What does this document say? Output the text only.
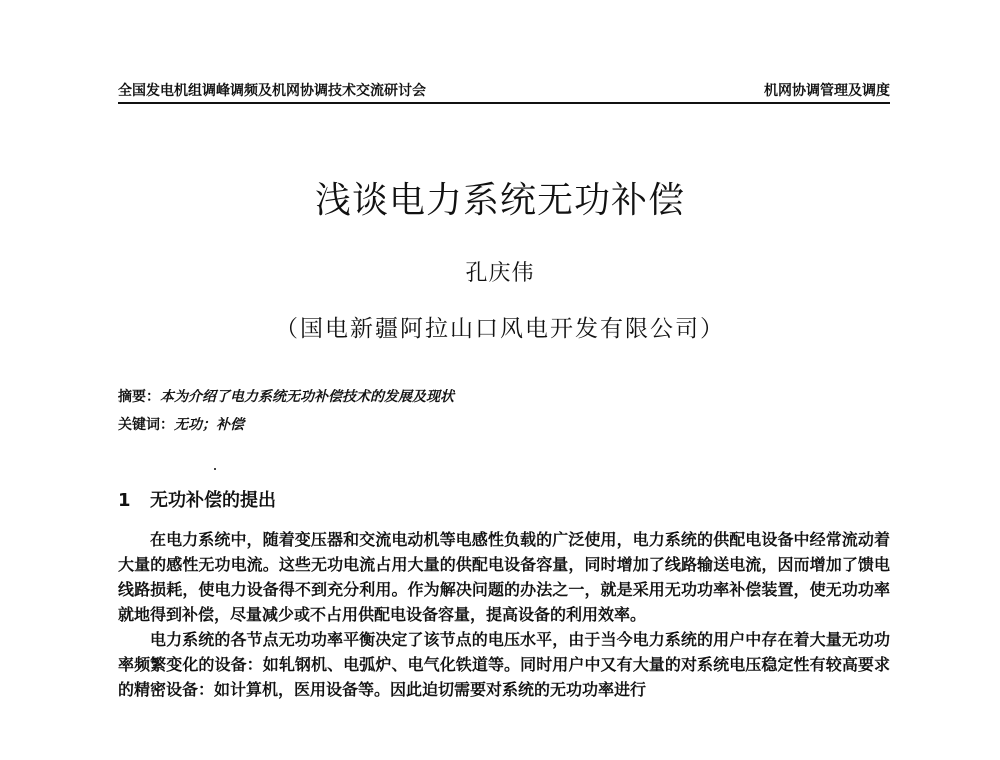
全国发电机组调峰调频及机网协调技术交流研讨会	机网协调管理及调度
浅谈电力系统无功补偿
孔庆伟
（国电新疆阿拉山口风电开发有限公司）
摘要：本为介绍了电力系统无功补偿技术的发展及现状
关键词：无功；补偿
1 无功补偿的提出

在电力系统中，随着变压器和交流电动机等电感性负载的广泛使用，电力系统的供配电设备中经常流动着大量的感性无功电流。这些无功电流占用大量的供配电设备容量，同时增加了线路输送电流，因而增加了馈电线路损耗，使电力设备得不到充分利用。作为解决问题的办法之一，就是采用无功功率补偿装置，使无功功率就地得到补偿，尽量减少或不占用供配电设备容量，提高设备的利用效率。

电力系统的各节点无功功率平衡决定了该节点的电压水平，由于当今电力系统的用户中存在着大量无功功率频繁变化的设备：如轧钢机、电弧炉、电气化铁道等。同时用户中又有大量的对系统电压稳定性有较高要求的精密设备：如计算机，医用设备等。因此迫切需要对系统的无功功率进行
